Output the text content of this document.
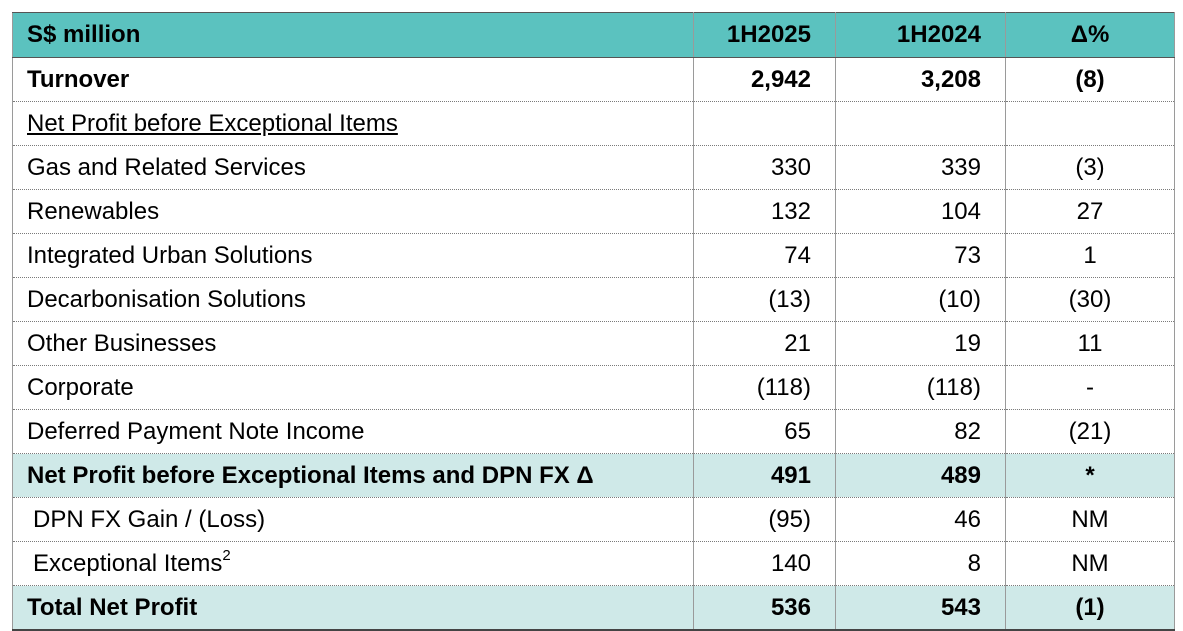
S$ million	1H2025	1H2024	Δ%
Turnover	2,942	3,208	(8)
Net Profit before Exceptional Items			
Gas and Related Services	330	339	(3)
Renewables	132	104	27
Integrated Urban Solutions	74	73	1
Decarbonisation Solutions	(13)	(10)	(30)
Other Businesses	21	19	11
Corporate	(118)	(118)	-
Deferred Payment Note Income	65	82	(21)
Net Profit before Exceptional Items and DPN FX Δ	491	489	*
DPN FX Gain / (Loss)	(95)	46	NM
Exceptional Items$^2$	140	8	NM
Total Net Profit	536	543	(1)
